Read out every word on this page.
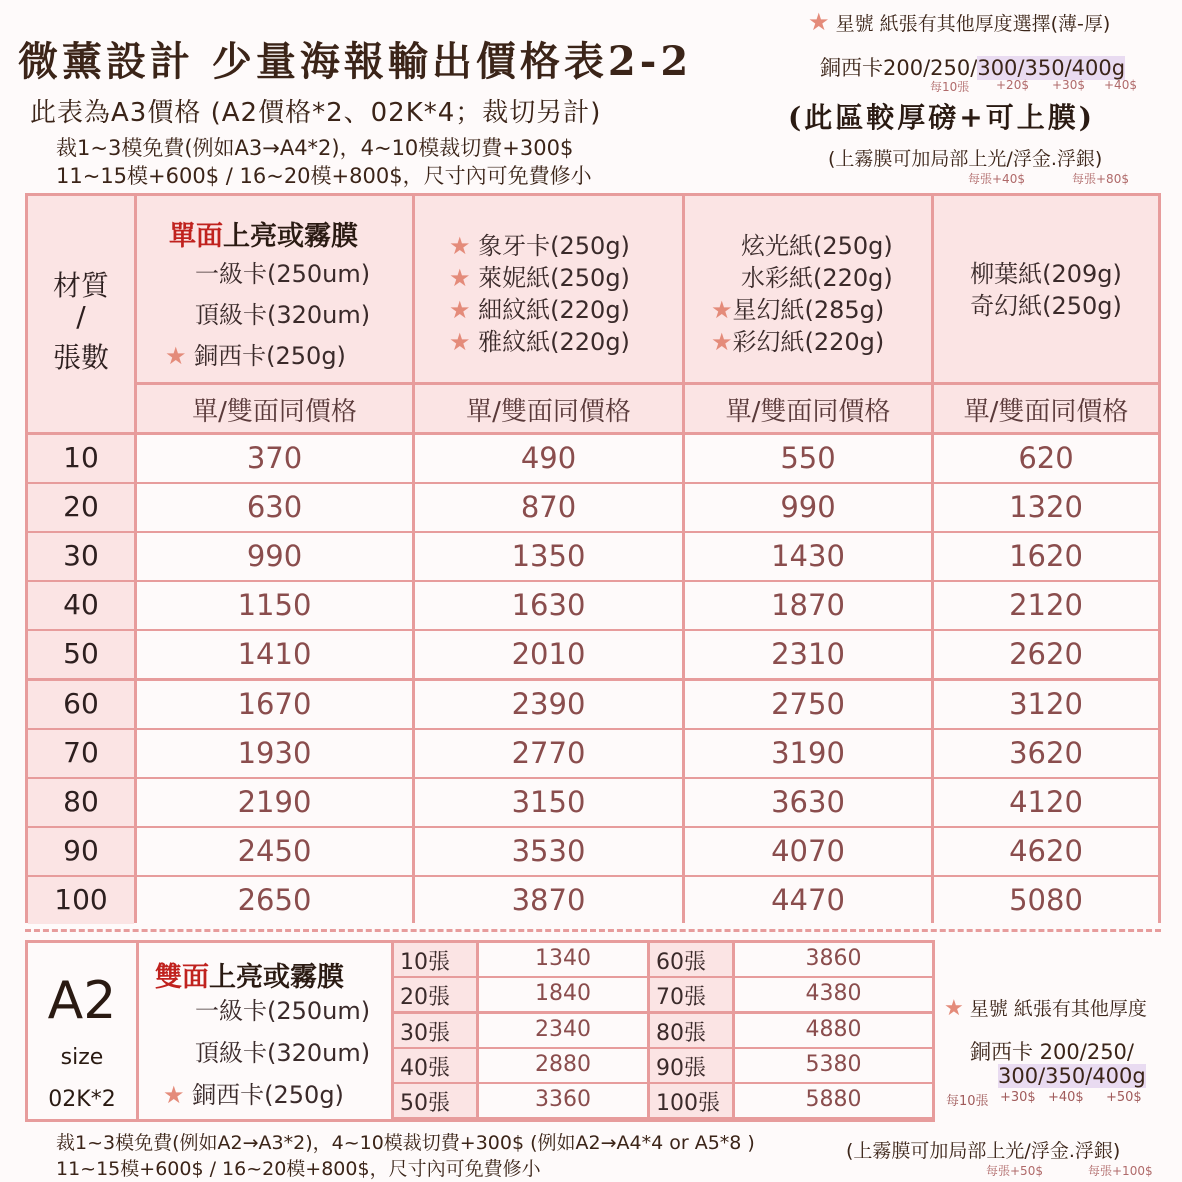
微薰設計 少量海報輸出價格表2-2
此表為A3價格 (A2價格*2、02K*4；裁切另計)
裁1~3模免費(例如A3→A4*2)，4~10模裁切費+300$
11~15模+600$ / 16~20模+800$，尺寸內可免費修小
(此區較厚磅+可上膜)
★ 星號 紙張有其他厚度選擇(薄-厚)
銅西卡200/250/300/350/400g
每10張 +20$ +30$ +40$
(上霧膜可加局部上光/浮金.浮銀)
每張+40$	每張+80$
材質
/
張數
單面上亮或霧膜
一級卡(250um)
頂級卡(320um)
★ 銅西卡(250g)
★ 象牙卡(250g)
★ 萊妮紙(250g)
★ 細紋紙(220g)
★ 雅紋紙(220g)
炫光紙(250g)
水彩紙(220g)
★星幻紙(285g)
★彩幻紙(220g)
柳葉紙(209g)
奇幻紙(250g)
單/雙面同價格	單/雙面同價格	單/雙面同價格	單/雙面同價格
10	370	490	550	620
20	630	870	990	1320
30	990	1350	1430	1620
40	1150	1630	1870	2120
50	1410	2010	2310	2620
60	1670	2390	2750	3120
70	1930	2770	3190	3620
80	2190	3150	3630	4120
90	2450	3530	4070	4620
100	2650	3870	4470	5080
A2
size
02K*2
雙面上亮或霧膜
一級卡(250um)
頂級卡(320um)
★ 銅西卡(250g)
10張	1340
20張	1840
30張	2340
40張	2880
50張	3360
60張	3860
70張	4380
80張	4880
90張	5380
100張	5880
★ 星號 紙張有其他厚度
銅西卡 200/250/
300/350/400g
每10張 +30$ +40$ +50$
裁1~3模免費(例如A2→A3*2)，4~10模裁切費+300$ (例如A2→A4*4 or A5*8 )
11~15模+600$ / 16~20模+800$，尺寸內可免費修小
(上霧膜可加局部上光/浮金.浮銀)
每張+50$	每張+100$
